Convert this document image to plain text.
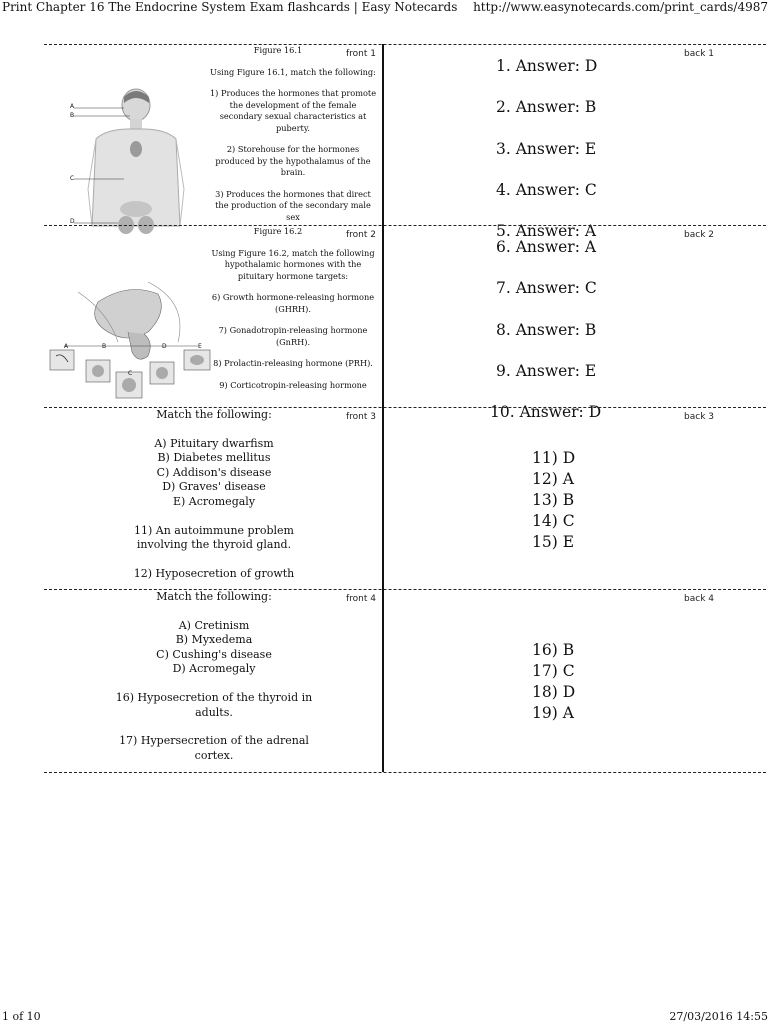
Print Chapter 16 The Endocrine System Exam flashcards | Easy Notecards http://www.easynotecards.com/print_cards/4987
A
B
C
D

Figure 16.1

Using Figure 16.1, match the following:

1) Produces the hormones that promote the development of the female secondary sexual characteristics at puberty.

2) Storehouse for the hormones produced by the hypothalamus of the brain.

3) Produces the hormones that direct the production of the secondary male sex

front 1
1. Answer: D
2. Answer: B
3. Answer: E
4. Answer: C
5. Answer: A
back 1
A	B
C
D	E

Figure 16.2

Using Figure 16.2, match the following hypothalamic hormones with the pituitary hormone targets:

6) Growth hormone-releasing hormone (GHRH).

7) Gonadotropin-releasing hormone (GnRH).

8) Prolactin-releasing hormone (PRH).

9) Corticotropin-releasing hormone

front 2
6. Answer: A
7. Answer: C
8. Answer: B
9. Answer: E
10. Answer: D
back 2

Match the following:

A) Pituitary dwarfism
B) Diabetes mellitus
C) Addison's disease
D) Graves' disease
E) Acromegaly

11) An autoimmune problem involving the thyroid gland.

12) Hyposecretion of growth

front 3
11) D
12) A
13) B
14) C
15) E
back 3

Match the following:

A) Cretinism
B) Myxedema
C) Cushing's disease
D) Acromegaly

16) Hyposecretion of the thyroid in adults.

17) Hypersecretion of the adrenal cortex.

front 4
16) B
17) C
18) D
19) A
back 4
1 of 10	27/03/2016 14:55
